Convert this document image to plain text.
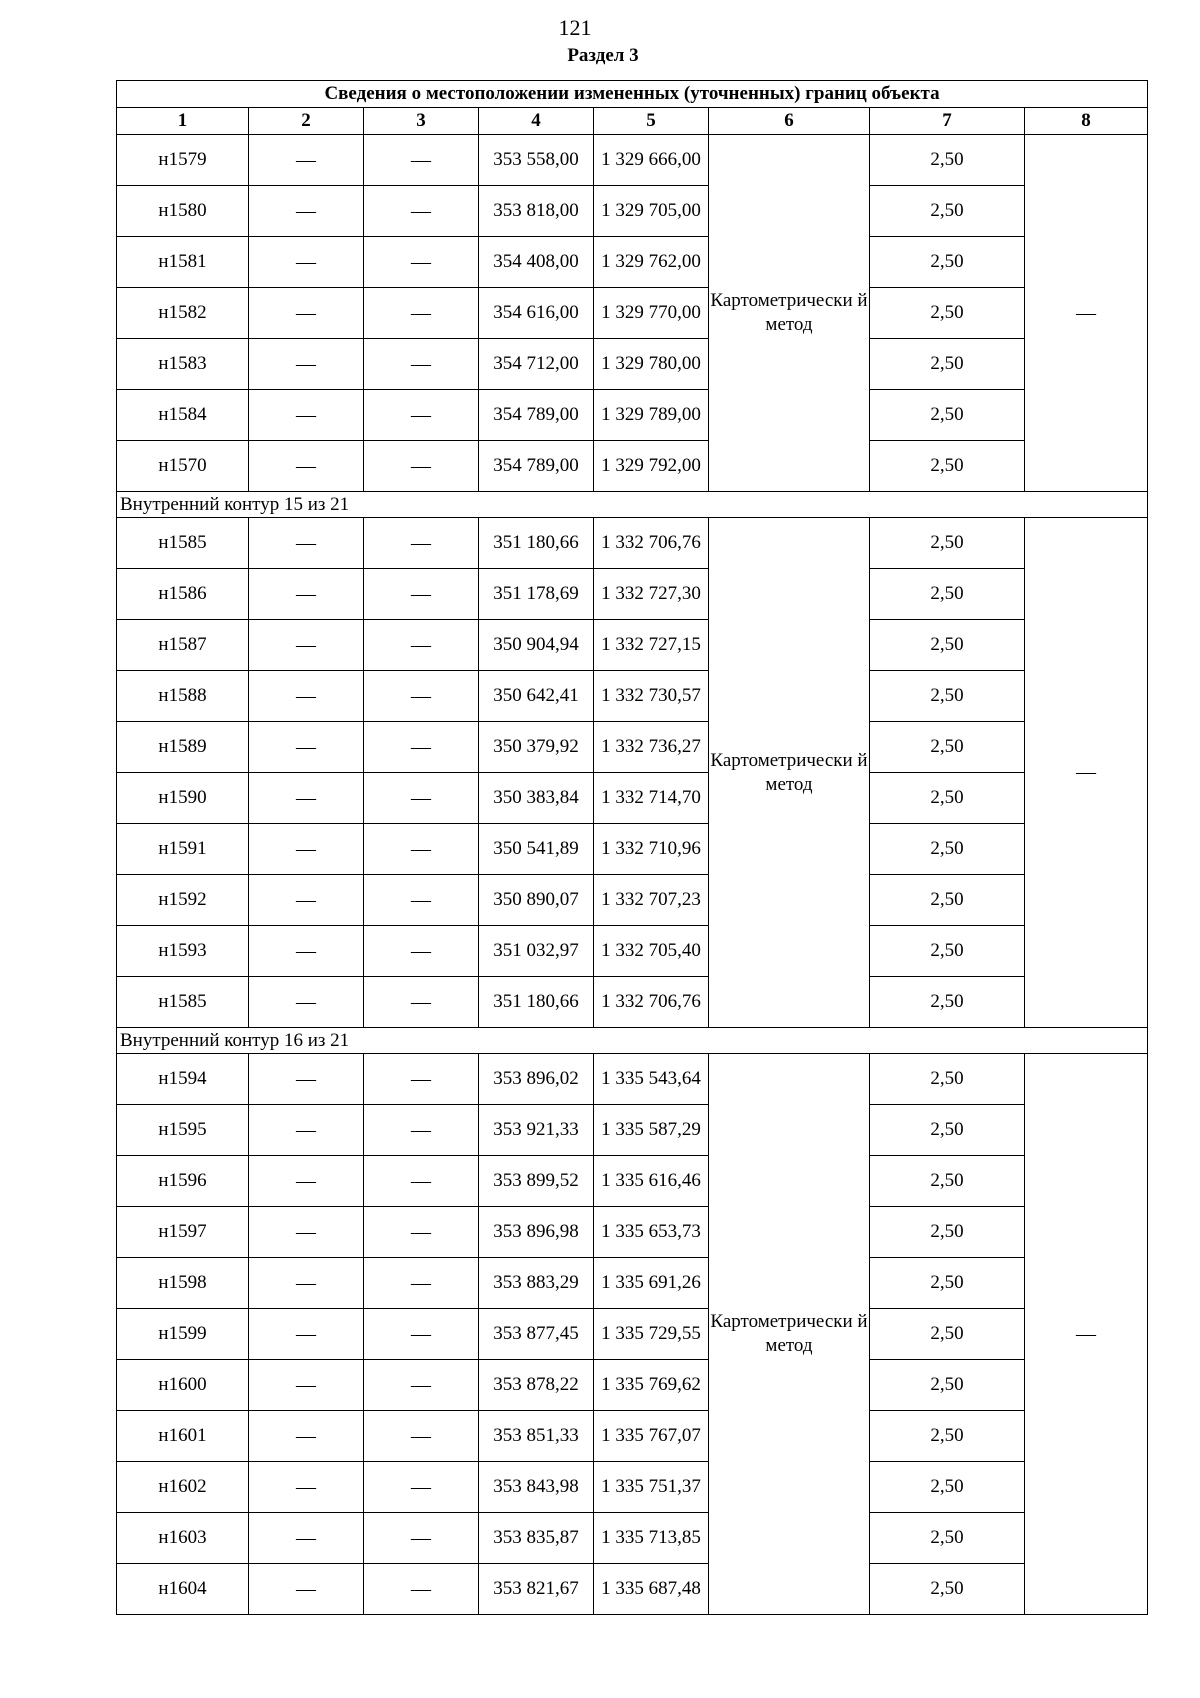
121
Раздел 3
Сведения о местоположении измененных (уточненных) границ объекта							
1	2	3	4	5	6	7	8
н1579	—	—	353 558,00	1 329 666,00	Картометрически й метод	2,50	—
н1580	—	—	353 818,00	1 329 705,00		2,50	
н1581	—	—	354 408,00	1 329 762,00		2,50	
н1582	—	—	354 616,00	1 329 770,00		2,50	
н1583	—	—	354 712,00	1 329 780,00		2,50	
н1584	—	—	354 789,00	1 329 789,00		2,50	
н1570	—	—	354 789,00	1 329 792,00		2,50	
Внутренний контур 15 из 21							
н1585	—	—	351 180,66	1 332 706,76	Картометрически й метод	2,50	—
н1586	—	—	351 178,69	1 332 727,30		2,50	
н1587	—	—	350 904,94	1 332 727,15		2,50	
н1588	—	—	350 642,41	1 332 730,57		2,50	
н1589	—	—	350 379,92	1 332 736,27		2,50	
н1590	—	—	350 383,84	1 332 714,70		2,50	
н1591	—	—	350 541,89	1 332 710,96		2,50	
н1592	—	—	350 890,07	1 332 707,23		2,50	
н1593	—	—	351 032,97	1 332 705,40		2,50	
н1585	—	—	351 180,66	1 332 706,76		2,50	
Внутренний контур 16 из 21							
н1594	—	—	353 896,02	1 335 543,64	Картометрически й метод	2,50	—
н1595	—	—	353 921,33	1 335 587,29		2,50	
н1596	—	—	353 899,52	1 335 616,46		2,50	
н1597	—	—	353 896,98	1 335 653,73		2,50	
н1598	—	—	353 883,29	1 335 691,26		2,50	
н1599	—	—	353 877,45	1 335 729,55		2,50	
н1600	—	—	353 878,22	1 335 769,62		2,50	
н1601	—	—	353 851,33	1 335 767,07		2,50	
н1602	—	—	353 843,98	1 335 751,37		2,50	
н1603	—	—	353 835,87	1 335 713,85		2,50	
н1604	—	—	353 821,67	1 335 687,48		2,50	
